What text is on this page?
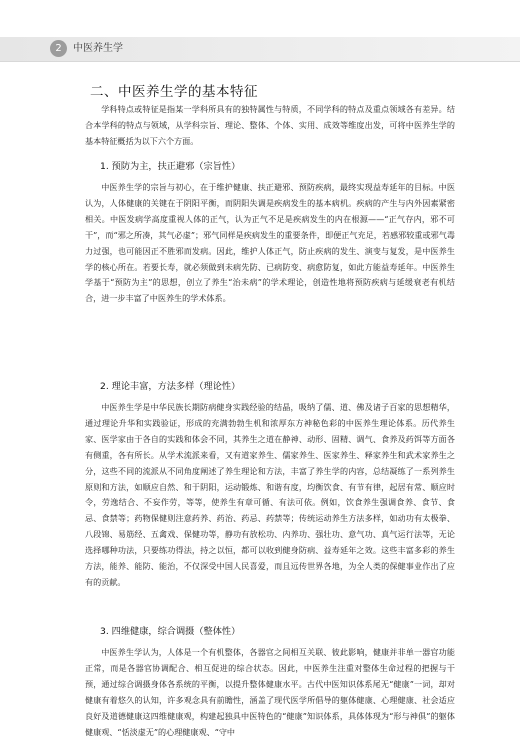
2	中医养生学
二、中医养生学的基本特征

学科特点或特征是指某一学科所具有的独特属性与特质，不同学科的特点及重点领域各有差异。结合本学科的特点与领域，从学科宗旨、理论、整体、个体、实用、成效等维度出发，可将中医养生学的基本特征概括为以下六个方面。

1. 预防为主，扶正避邪（宗旨性）

中医养生学的宗旨与初心，在于维护健康、扶正避邪、预防疾病，最终实现益寿延年的目标。中医认为，人体健康的关键在于阴阳平衡，而阴阳失调是疾病发生的基本病机。疾病的产生与内外因素紧密相关。中医发病学高度重视人体的正气，认为正气不足是疾病发生的内在根源——“正气存内，邪不可干”，而“邪之所凑，其气必虚”；邪气同样是疾病发生的重要条件，即便正气充足，若感邪较重或邪气毒力过强，也可能因正不胜邪而发病。因此，维护人体正气，防止疾病的发生、演变与复发，是中医养生学的核心所在。若要长寿，就必须做到未病先防、已病防变、病愈防复，如此方能益寿延年。中医养生学基于“预防为主”的思想，创立了养生“治未病”的学术理论，创造性地将预防疾病与延缓衰老有机结合，进一步丰富了中医养生的学术体系。

2. 理论丰富，方法多样（理论性）

中医养生学是中华民族长期防病健身实践经验的结晶，吸纳了儒、道、佛及诸子百家的思想精华，通过理论升华和实践验证，形成的充满勃勃生机和浓厚东方神秘色彩的中医养生理论体系。历代养生家、医学家由于各自的实践和体会不同，其养生之道在静神、动形、固精、调气、食养及药饵等方面各有侧重，各有所长。从学术流派来看，又有道家养生、儒家养生、医家养生、释家养生和武术家养生之分，这些不同的流派从不同角度阐述了养生理论和方法，丰富了养生学的内容，总结凝练了一系列养生原则和方法，如顺应自然、和于阴阳，运动锻炼、和谐有度，均衡饮食、有节有律，起居有常、顺应时令，劳逸结合、不妄作劳，等等，使养生有章可循、有法可依。例如，饮食养生强调食养、食节、食忌、食禁等；药物保健则注意药养、药治、药忌、药禁等；传统运动养生方法多样，如动功有太极拳、八段锦、易筋经、五禽戏、保健功等，静功有放松功、内养功、强壮功、意气功、真气运行法等，无论选择哪种功法，只要练功得法，持之以恒，都可以收到健身防病、益寿延年之效。这些丰富多彩的养生方法，能养、能防、能治，不仅深受中国人民喜爱，而且远传世界各地，为全人类的保健事业作出了应有的贡献。

3. 四维健康，综合调摄（整体性）

中医养生学认为，人体是一个有机整体，各器官之间相互关联、彼此影响，健康并非单一器官功能正常，而是各器官协调配合、相互促进的综合状态。因此，中医养生注重对整体生命过程的把握与干预，通过综合调摄身体各系统的平衡，以提升整体健康水平。古代中医知识体系尾无“健康”一词，却对健康有着悠久的认知，许多观念具有前瞻性，涵盖了现代医学所倡导的躯体健康、心理健康、社会适应良好及道德健康这四维健康观，构建起独具中医特色的“健康”知识体系，具体体现为“形与神俱”的躯体健康观、“恬淡虚无”的心理健康观、“守中
